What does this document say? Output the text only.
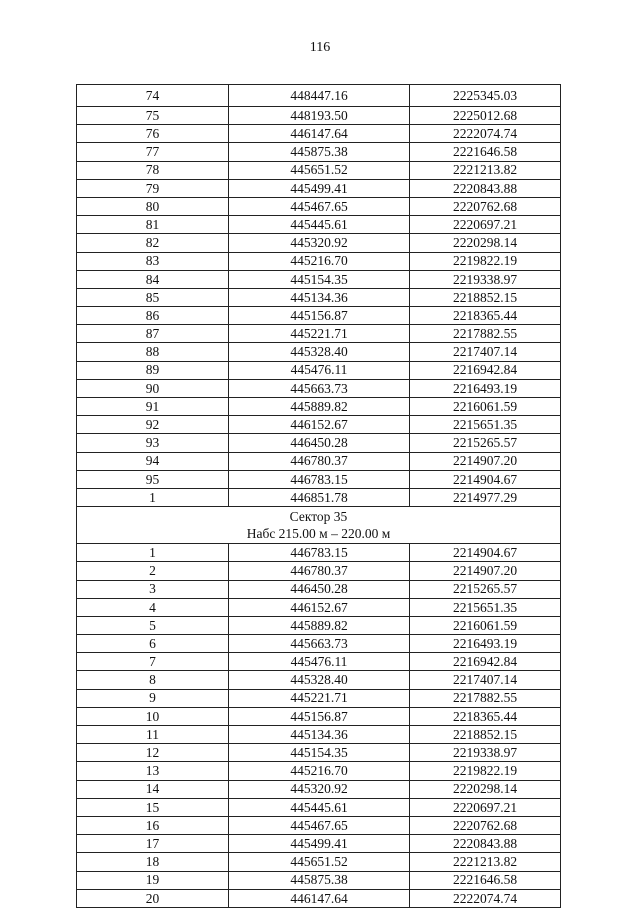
116
74	448447.16	2225345.03
75	448193.50	2225012.68
76	446147.64	2222074.74
77	445875.38	2221646.58
78	445651.52	2221213.82
79	445499.41	2220843.88
80	445467.65	2220762.68
81	445445.61	2220697.21
82	445320.92	2220298.14
83	445216.70	2219822.19
84	445154.35	2219338.97
85	445134.36	2218852.15
86	445156.87	2218365.44
87	445221.71	2217882.55
88	445328.40	2217407.14
89	445476.11	2216942.84
90	445663.73	2216493.19
91	445889.82	2216061.59
92	446152.67	2215651.35
93	446450.28	2215265.57
94	446780.37	2214907.20
95	446783.15	2214904.67
1	446851.78	2214977.29

Сектор 35
Набс 215.00 м – 220.00 м		

1	446783.15	2214904.67
2	446780.37	2214907.20
3	446450.28	2215265.57
4	446152.67	2215651.35
5	445889.82	2216061.59
6	445663.73	2216493.19
7	445476.11	2216942.84
8	445328.40	2217407.14
9	445221.71	2217882.55
10	445156.87	2218365.44
11	445134.36	2218852.15
12	445154.35	2219338.97
13	445216.70	2219822.19
14	445320.92	2220298.14
15	445445.61	2220697.21
16	445467.65	2220762.68
17	445499.41	2220843.88
18	445651.52	2221213.82
19	445875.38	2221646.58
20	446147.64	2222074.74
